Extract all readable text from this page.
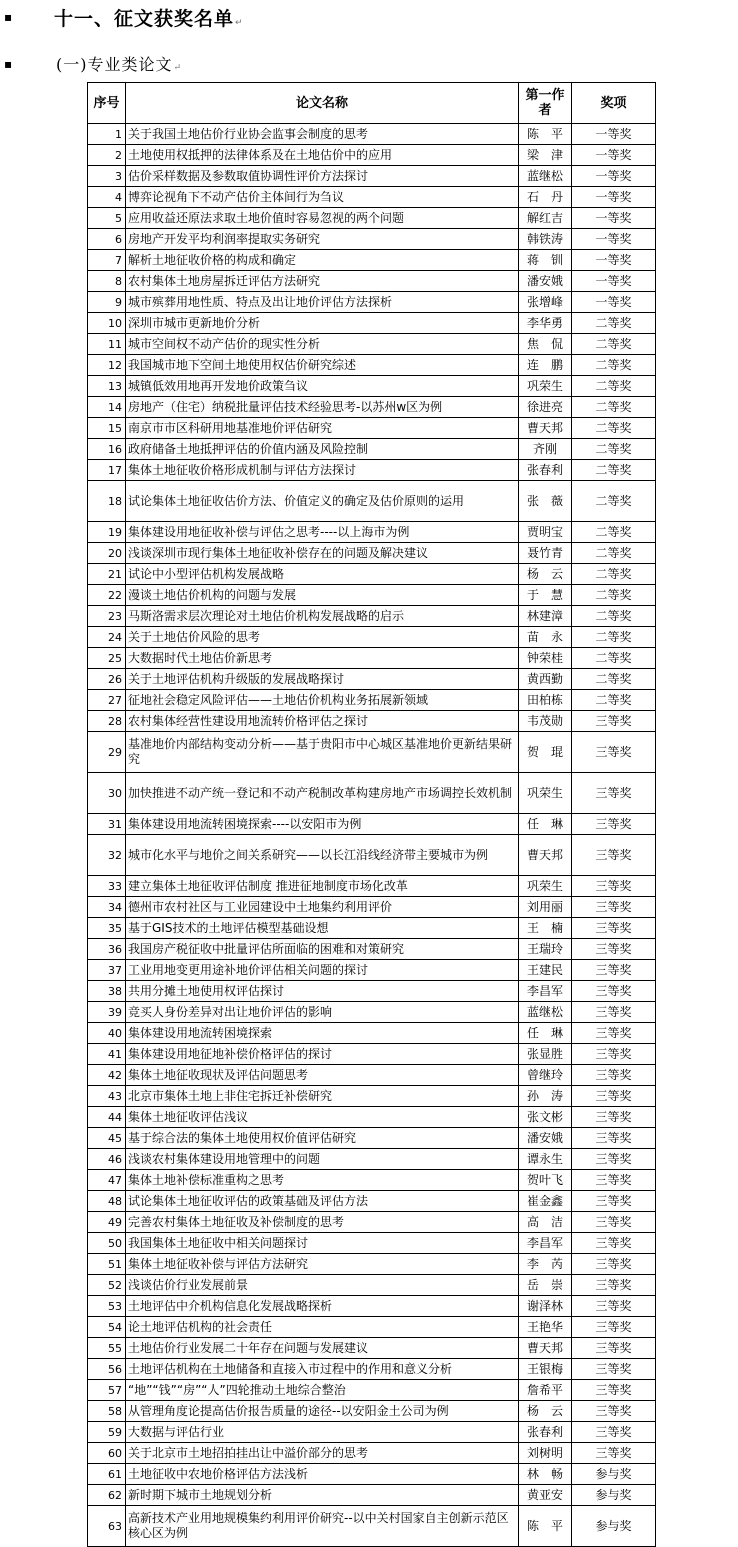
▪ 十一、征文获奖名单↵
▪	(一)专业类论文↵
序号	论文名称	第一作者	奖项
1	关于我国土地估价行业协会监事会制度的思考	陈　平	一等奖
2	土地使用权抵押的法律体系及在土地估价中的应用	梁　津	一等奖
3	估价采样数据及参数取值协调性评价方法探讨	蓝继松	一等奖
4	博弈论视角下不动产估价主体间行为刍议	石　丹	一等奖
5	应用收益还原法求取土地价值时容易忽视的两个问题	解红吉	一等奖
6	房地产开发平均利润率提取实务研究	韩铁涛	一等奖
7	解析土地征收价格的构成和确定	蒋　钏	一等奖
8	农村集体土地房屋拆迁评估方法研究	潘安娥	一等奖
9	城市殡葬用地性质、特点及出让地价评估方法探析	张增峰	一等奖
10	深圳市城市更新地价分析	李华勇	二等奖
11	城市空间权不动产估价的现实性分析	焦　侃	二等奖
12	我国城市地下空间土地使用权估价研究综述	连　鹏	二等奖
13	城镇低效用地再开发地价政策刍议	巩荣生	二等奖
14	房地产（住宅）纳税批量评估技术经验思考-以苏州w区为例	徐进亮	二等奖
15	南京市市区科研用地基准地价评估研究	曹天邦	二等奖
16	政府储备土地抵押评估的价值内涵及风险控制	齐刚	二等奖
17	集体土地征收价格形成机制与评估方法探讨	张春利	二等奖
18	试论集体土地征收估价方法、价值定义的确定及估价原则的运用	张　薇	二等奖
19	集体建设用地征收补偿与评估之思考----以上海市为例	贾明宝	二等奖
20	浅谈深圳市现行集体土地征收补偿存在的问题及解决建议	聂竹青	二等奖
21	试论中小型评估机构发展战略	杨　云	二等奖
22	漫谈土地估价机构的问题与发展	于　慧	二等奖
23	马斯洛需求层次理论对土地估价机构发展战略的启示	林建漳	二等奖
24	关于土地估价风险的思考	苗　永	二等奖
25	大数据时代土地估价新思考	钟荣桂	二等奖
26	关于土地评估机构升级版的发展战略探讨	黄西勤	二等奖
27	征地社会稳定风险评估——土地估价机构业务拓展新领域	田柏栋	二等奖
28	农村集体经营性建设用地流转价格评估之探讨	韦茂勋	三等奖
29	基准地价内部结构变动分析——基于贵阳市中心城区基准地价更新结果研究	贺　琨	三等奖
30	加快推进不动产统一登记和不动产税制改革构建房地产市场调控长效机制	巩荣生	三等奖
31	集体建设用地流转困境探索----以安阳市为例	任　琳	三等奖
32	城市化水平与地价之间关系研究——以长江沿线经济带主要城市为例	曹天邦	三等奖
33	建立集体土地征收评估制度 推进征地制度市场化改革	巩荣生	三等奖
34	德州市农村社区与工业园建设中土地集约利用评价	刘用丽	三等奖
35	基于GIS技术的土地评估模型基础设想	王　楠	三等奖
36	我国房产税征收中批量评估所面临的困难和对策研究	王瑞玲	三等奖
37	工业用地变更用途补地价评估相关问题的探讨	王建民	三等奖
38	共用分摊土地使用权评估探讨	李昌军	三等奖
39	竞买人身份差异对出让地价评估的影响	蓝继松	三等奖
40	集体建设用地流转困境探索	任　琳	三等奖
41	集体建设用地征地补偿价格评估的探讨	张显胜	三等奖
42	集体土地征收现状及评估问题思考	曾继玲	三等奖
43	北京市集体土地上非住宅拆迁补偿研究	孙　涛	三等奖
44	集体土地征收评估浅议	张文彬	三等奖
45	基于综合法的集体土地使用权价值评估研究	潘安娥	三等奖
46	浅谈农村集体建设用地管理中的问题	谭永生	三等奖
47	集体土地补偿标准重构之思考	贺叶飞	三等奖
48	试论集体土地征收评估的政策基础及评估方法	崔金鑫	三等奖
49	完善农村集体土地征收及补偿制度的思考	高　洁	三等奖
50	我国集体土地征收中相关问题探讨	李昌军	三等奖
51	集体土地征收补偿与评估方法研究	李　芮	三等奖
52	浅谈估价行业发展前景	岳　崇	三等奖
53	土地评估中介机构信息化发展战略探析	谢泽林	三等奖
54	论土地评估机构的社会责任	王艳华	三等奖
55	土地估价行业发展二十年存在问题与发展建议	曹天邦	三等奖
56	土地评估机构在土地储备和直接入市过程中的作用和意义分析	王银梅	三等奖
57	“地”“钱”“房”“人”四轮推动土地综合整治	詹希平	三等奖
58	从管理角度论提高估价报告质量的途径--以安阳金土公司为例	杨　云	三等奖
59	大数据与评估行业	张春利	三等奖
60	关于北京市土地招拍挂出让中溢价部分的思考	刘树明	三等奖
61	土地征收中农地价格评估方法浅析	林　畅	参与奖
62	新时期下城市土地规划分析	黄亚安	参与奖
63	高新技术产业用地规模集约利用评价研究--以中关村国家自主创新示范区核心区为例	陈　平	参与奖
